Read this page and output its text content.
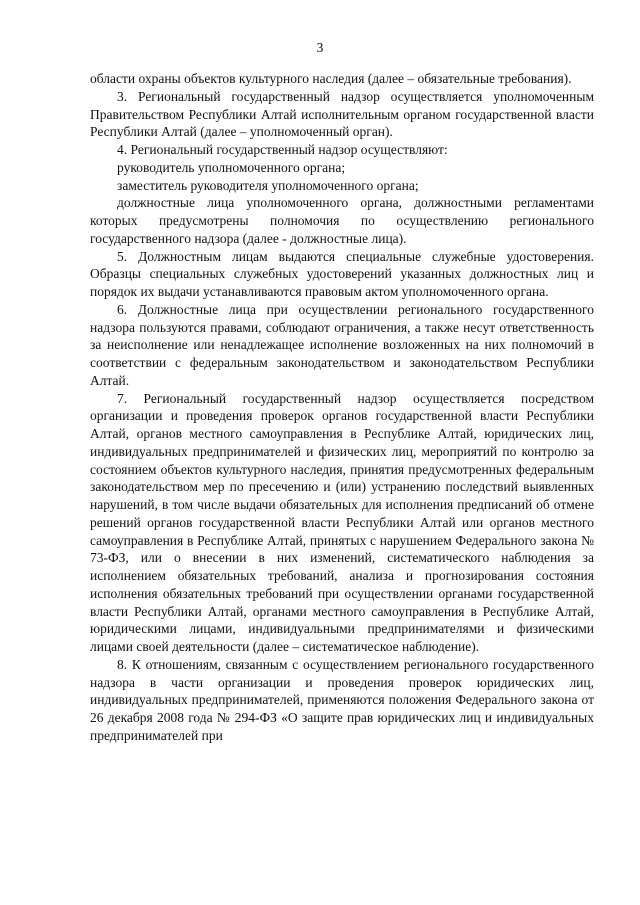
3

области охраны объектов культурного наследия (далее – обязательные требования).

3. Региональный государственный надзор осуществляется уполномоченным Правительством Республики Алтай исполнительным органом государственной власти Республики Алтай (далее – уполномоченный орган).

4. Региональный государственный надзор осуществляют:

руководитель уполномоченного органа;

заместитель руководителя уполномоченного органа;

должностные лица уполномоченного органа, должностными регламентами которых предусмотрены полномочия по осуществлению регионального государственного надзора (далее - должностные лица).

5. Должностным лицам выдаются специальные служебные удостоверения. Образцы специальных служебных удостоверений указанных должностных лиц и порядок их выдачи устанавливаются правовым актом уполномоченного органа.

6. Должностные лица при осуществлении регионального государственного надзора пользуются правами, соблюдают ограничения, а также несут ответственность за неисполнение или ненадлежащее исполнение возложенных на них полномочий в соответствии с федеральным законодательством и законодательством Республики Алтай.

7. Региональный государственный надзор осуществляется посредством организации и проведения проверок органов государственной власти Республики Алтай, органов местного самоуправления в Республике Алтай, юридических лиц, индивидуальных предпринимателей и физических лиц, мероприятий по контролю за состоянием объектов культурного наследия, принятия предусмотренных федеральным законодательством мер по пресечению и (или) устранению последствий выявленных нарушений, в том числе выдачи обязательных для исполнения предписаний об отмене решений органов государственной власти Республики Алтай или органов местного самоуправления в Республике Алтай, принятых с нарушением Федерального закона № 73-ФЗ, или о внесении в них изменений, систематического наблюдения за исполнением обязательных требований, анализа и прогнозирования состояния исполнения обязательных требований при осуществлении органами государственной власти Республики Алтай, органами местного самоуправления в Республике Алтай, юридическими лицами, индивидуальными предпринимателями и физическими лицами своей деятельности (далее – систематическое наблюдение).

8. К отношениям, связанным с осуществлением регионального государственного надзора в части организации и проведения проверок юридических лиц, индивидуальных предпринимателей, применяются положения Федерального закона от 26 декабря 2008 года № 294-ФЗ «О защите прав юридических лиц и индивидуальных предпринимателей при
